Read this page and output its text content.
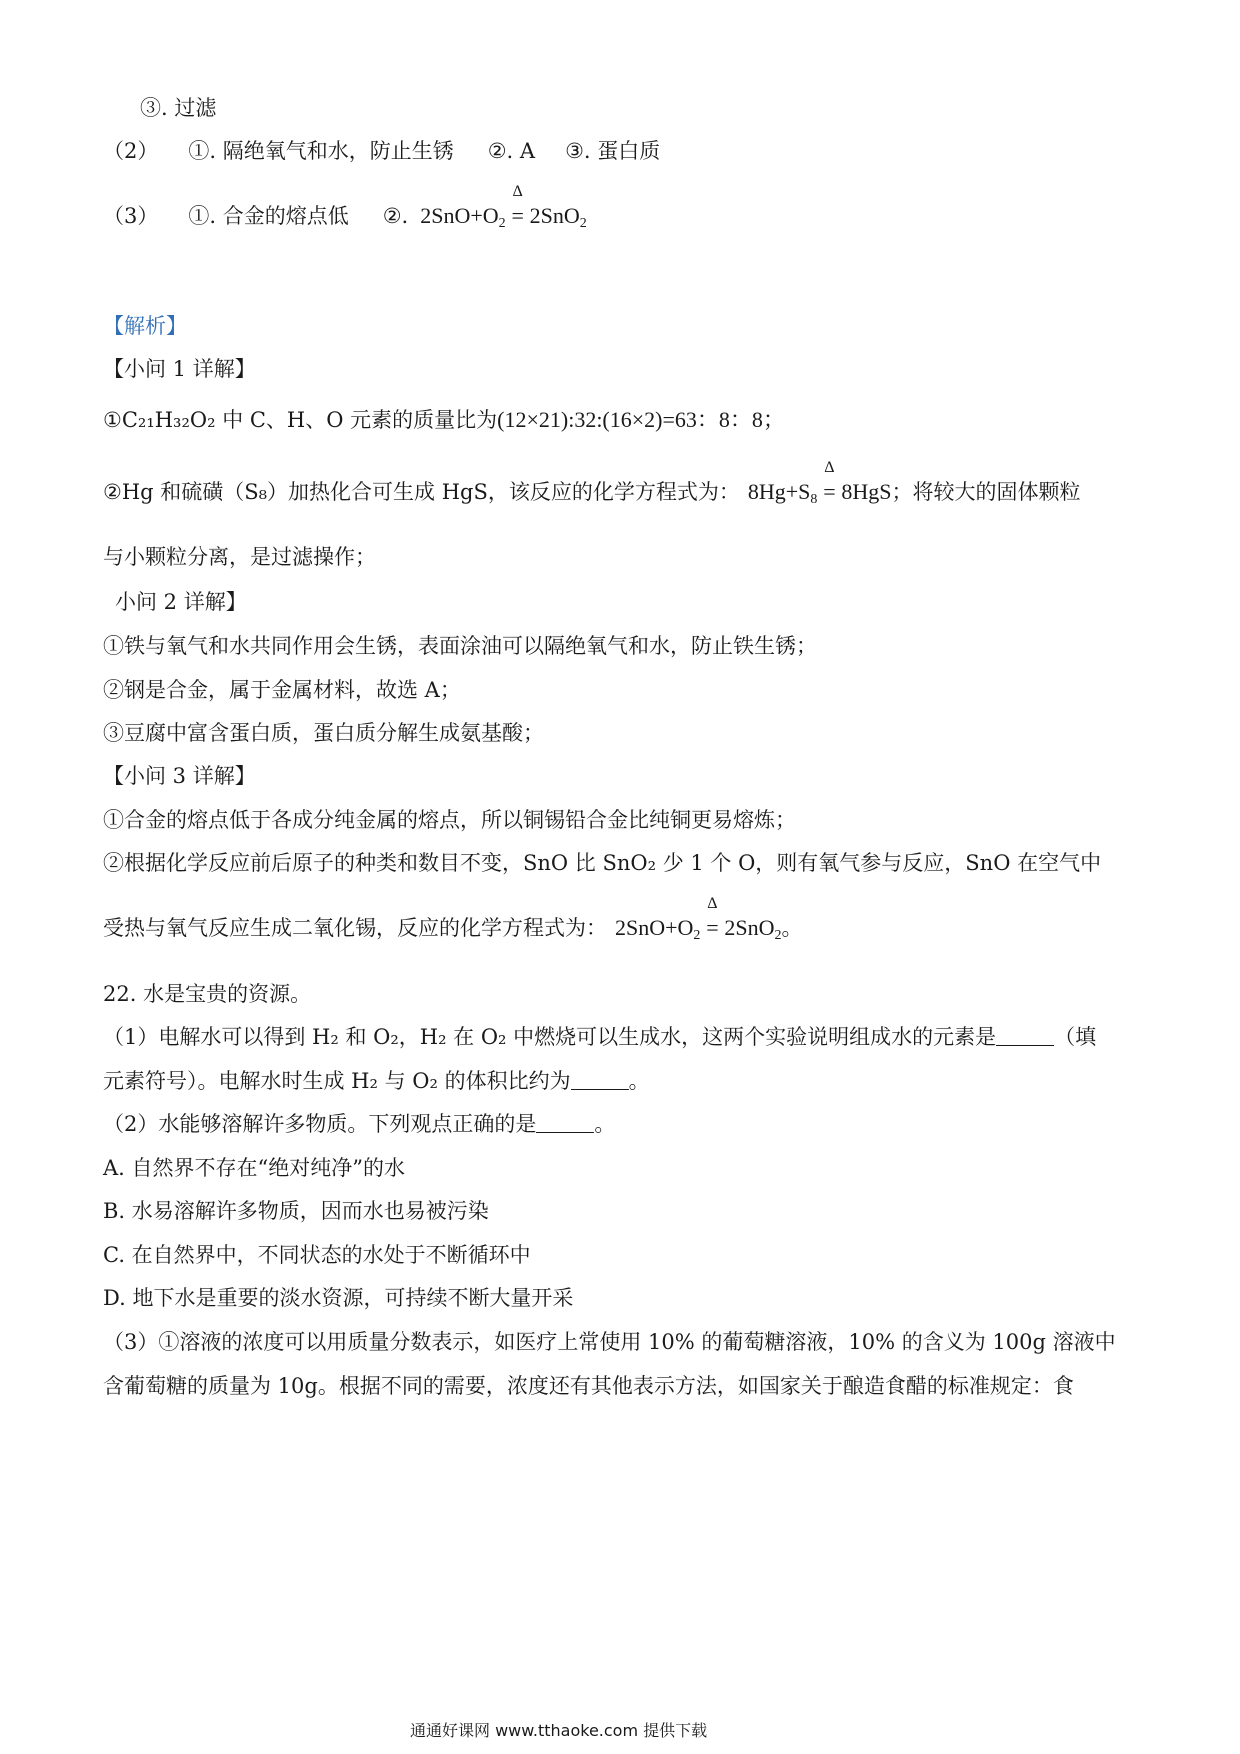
③. 过滤
（2） ①. 隔绝氧气和水，防止生锈 ②. A ③. 蛋白质
（3） ①. 合金的熔点低 ②. $2SnO+O_2$
Δ
= 2SnO$_2$
【解析】
【小问 1 详解】
①C₂₁H₃₂O₂ 中 C、H、O 元素的质量比为(12×21):32:(16×2)=63：8：8；
②Hg 和硫磺（S₈）加热化合可生成 HgS，该反应的化学方程式为： $8Hg+S_8$
Δ
= 8HgS；将较大的固体颗粒
与小颗粒分离，是过滤操作；
小问 2 详解】
①铁与氧气和水共同作用会生锈，表面涂油可以隔绝氧气和水，防止铁生锈；
②钢是合金，属于金属材料，故选 A；
③豆腐中富含蛋白质，蛋白质分解生成氨基酸；
【小问 3 详解】
①合金的熔点低于各成分纯金属的熔点，所以铜锡铅合金比纯铜更易熔炼；
②根据化学反应前后原子的种类和数目不变，SnO 比 SnO₂ 少 1 个 O，则有氧气参与反应，SnO 在空气中
受热与氧气反应生成二氧化锡，反应的化学方程式为： $2SnO+O_2$
Δ
= 2SnO$_2$。
22. 水是宝贵的资源。
（1）电解水可以得到 H₂ 和 O₂，H₂ 在 O₂ 中燃烧可以生成水，这两个实验说明组成水的元素是	（填
元素符号）。电解水时生成 H₂ 与 O₂ 的体积比约为	。
（2）水能够溶解许多物质。下列观点正确的是	。
A. 自然界不存在“绝对纯净”的水
B. 水易溶解许多物质，因而水也易被污染
C. 在自然界中，不同状态的水处于不断循环中
D. 地下水是重要的淡水资源，可持续不断大量开采
（3）①溶液的浓度可以用质量分数表示，如医疗上常使用 10% 的葡萄糖溶液，10% 的含义为 100g 溶液中
含葡萄糖的质量为 10g。根据不同的需要，浓度还有其他表示方法，如国家关于酿造食醋的标准规定：食
通通好课网 www.tthaoke.com 提供下载
